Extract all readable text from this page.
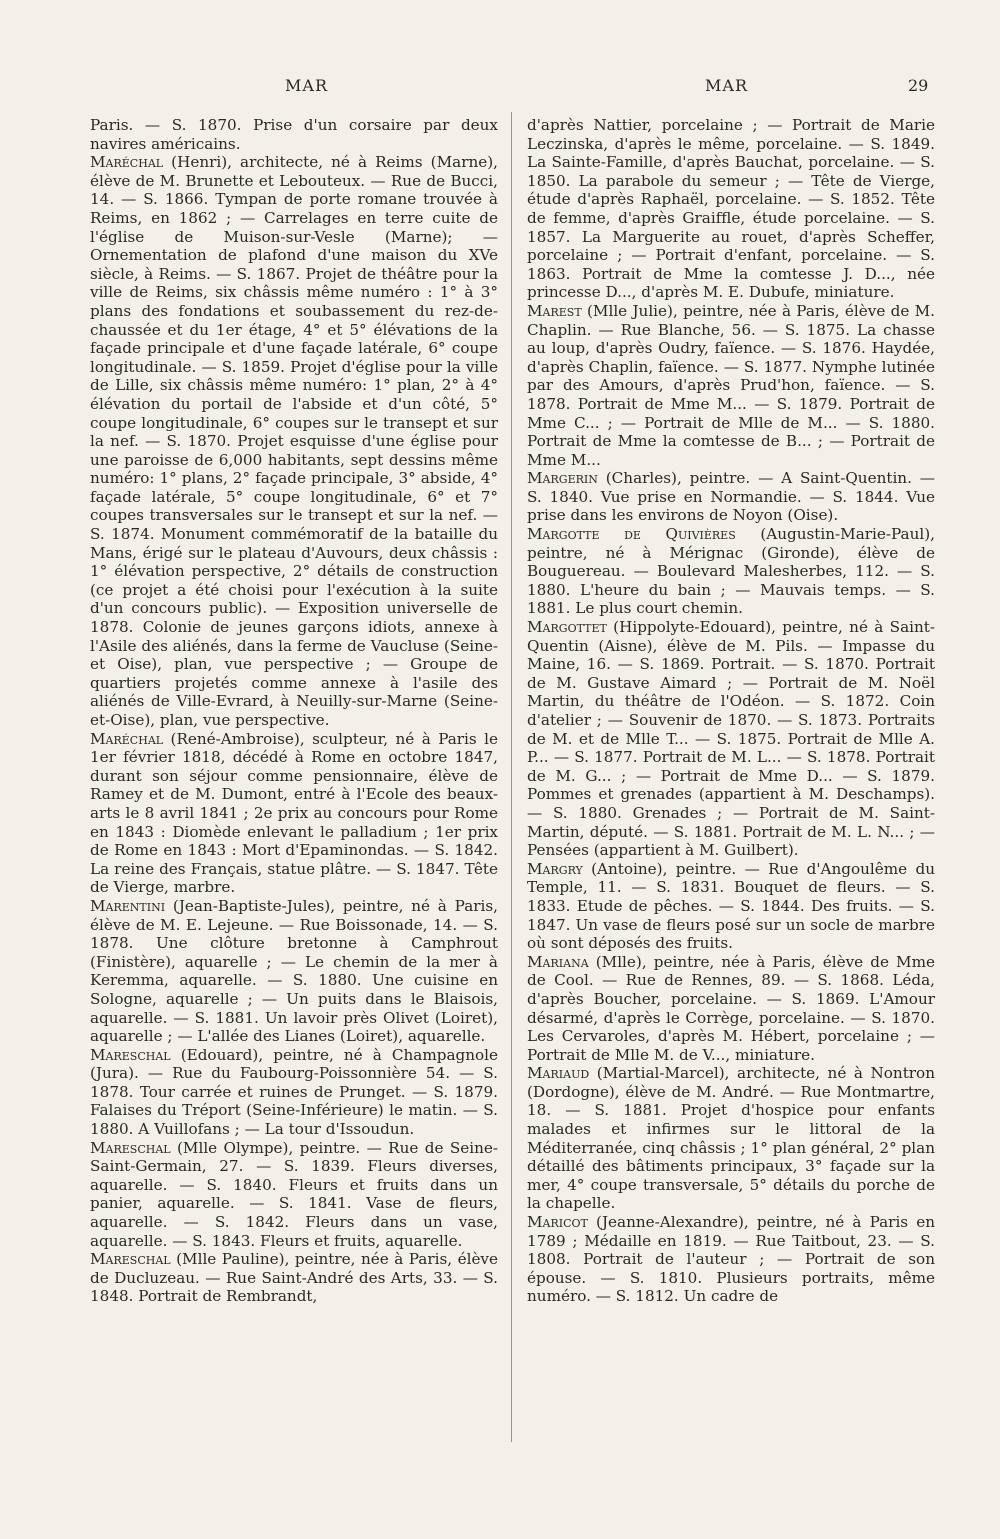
MAR	MAR	29

Paris. — S. 1870. Prise d'un corsaire par deux navires américains.

Maréchal (Henri), architecte, né à Reims (Marne), élève de M. Brunette et Lebouteux. — Rue de Bucci, 14. — S. 1866. Tympan de porte romane trouvée à Reims, en 1862 ; — Carrelages en terre cuite de l'église de Muison-sur-Vesle (Marne); — Ornementation de plafond d'une maison du XVe siècle, à Reims. — S. 1867. Projet de théâtre pour la ville de Reims, six châssis même numéro : 1° à 3° plans des fondations et soubassement du rez-de-chaussée et du 1er étage, 4° et 5° élévations de la façade principale et d'une façade latérale, 6° coupe longitudinale. — S. 1859. Projet d'église pour la ville de Lille, six châssis même numéro: 1° plan, 2° à 4° élévation du portail de l'abside et d'un côté, 5° coupe longitudinale, 6° coupes sur le transept et sur la nef. — S. 1870. Projet esquisse d'une église pour une paroisse de 6,000 habitants, sept dessins même numéro: 1° plans, 2° façade principale, 3° abside, 4° façade latérale, 5° coupe longitudinale, 6° et 7° coupes transversales sur le transept et sur la nef. — S. 1874. Monument commémoratif de la bataille du Mans, érigé sur le plateau d'Auvours, deux châssis : 1° élévation perspective, 2° détails de construction (ce projet a été choisi pour l'exécution à la suite d'un concours public). — Exposition universelle de 1878. Colonie de jeunes garçons idiots, annexe à l'Asile des aliénés, dans la ferme de Vaucluse (Seine-et Oise), plan, vue perspective ; — Groupe de quartiers projetés comme annexe à l'asile des aliénés de Ville-Evrard, à Neuilly-sur-Marne (Seine-et-Oise), plan, vue perspective.

Maréchal (René-Ambroise), sculpteur, né à Paris le 1er février 1818, décédé à Rome en octobre 1847, durant son séjour comme pensionnaire, élève de Ramey et de M. Dumont, entré à l'Ecole des beaux-arts le 8 avril 1841 ; 2e prix au concours pour Rome en 1843 : Diomède enlevant le palladium ; 1er prix de Rome en 1843 : Mort d'Epaminondas. — S. 1842. La reine des Français, statue plâtre. — S. 1847. Tête de Vierge, marbre.

Marentini (Jean-Baptiste-Jules), peintre, né à Paris, élève de M. E. Lejeune. — Rue Boissonade, 14. — S. 1878. Une clôture bretonne à Camphrout (Finistère), aquarelle ; — Le chemin de la mer à Keremma, aquarelle. — S. 1880. Une cuisine en Sologne, aquarelle ; — Un puits dans le Blaisois, aquarelle. — S. 1881. Un lavoir près Olivet (Loiret), aquarelle ; — L'allée des Lianes (Loiret), aquarelle.

Mareschal (Edouard), peintre, né à Champagnole (Jura). — Rue du Faubourg-Poissonnière 54. — S. 1878. Tour carrée et ruines de Prunget. — S. 1879. Falaises du Tréport (Seine-Inférieure) le matin. — S. 1880. A Vuillofans ; — La tour d'Issoudun.

Mareschal (Mlle Olympe), peintre. — Rue de Seine-Saint-Germain, 27. — S. 1839. Fleurs diverses, aquarelle. — S. 1840. Fleurs et fruits dans un panier, aquarelle. — S. 1841. Vase de fleurs, aquarelle. — S. 1842. Fleurs dans un vase, aquarelle. — S. 1843. Fleurs et fruits, aquarelle.

Mareschal (Mlle Pauline), peintre, née à Paris, élève de Ducluzeau. — Rue Saint-André des Arts, 33. — S. 1848. Portrait de Rembrandt,

d'après Nattier, porcelaine ; — Portrait de Marie Leczinska, d'après le même, porcelaine. — S. 1849. La Sainte-Famille, d'après Bauchat, porcelaine. — S. 1850. La parabole du semeur ; — Tête de Vierge, étude d'après Raphaël, porcelaine. — S. 1852. Tête de femme, d'après Graiffle, étude porcelaine. — S. 1857. La Marguerite au rouet, d'après Scheffer, porcelaine ; — Portrait d'enfant, porcelaine. — S. 1863. Portrait de Mme la comtesse J. D..., née princesse D..., d'après M. E. Dubufe, miniature.

Marest (Mlle Julie), peintre, née à Paris, élève de M. Chaplin. — Rue Blanche, 56. — S. 1875. La chasse au loup, d'après Oudry, faïence. — S. 1876. Haydée, d'après Chaplin, faïence. — S. 1877. Nymphe lutinée par des Amours, d'après Prud'hon, faïence. — S. 1878. Portrait de Mme M... — S. 1879. Portrait de Mme C... ; — Portrait de Mlle de M... — S. 1880. Portrait de Mme la comtesse de B... ; — Portrait de Mme M...

Margerin (Charles), peintre. — A Saint-Quentin. — S. 1840. Vue prise en Normandie. — S. 1844. Vue prise dans les environs de Noyon (Oise).

Margotte de Quivières (Augustin-Marie-Paul), peintre, né à Mérignac (Gironde), élève de Bouguereau. — Boulevard Malesherbes, 112. — S. 1880. L'heure du bain ; — Mauvais temps. — S. 1881. Le plus court chemin.

Margottet (Hippolyte-Edouard), peintre, né à Saint-Quentin (Aisne), élève de M. Pils. — Impasse du Maine, 16. — S. 1869. Portrait. — S. 1870. Portrait de M. Gustave Aimard ; — Portrait de M. Noël Martin, du théâtre de l'Odéon. — S. 1872. Coin d'atelier ; — Souvenir de 1870. — S. 1873. Portraits de M. et de Mlle T... — S. 1875. Portrait de Mlle A. P... — S. 1877. Portrait de M. L... — S. 1878. Portrait de M. G... ; — Portrait de Mme D... — S. 1879. Pommes et grenades (appartient à M. Deschamps). — S. 1880. Grenades ; — Portrait de M. Saint-Martin, député. — S. 1881. Portrait de M. L. N... ; — Pensées (appartient à M. Guilbert).

Margry (Antoine), peintre. — Rue d'Angoulême du Temple, 11. — S. 1831. Bouquet de fleurs. — S. 1833. Etude de pêches. — S. 1844. Des fruits. — S. 1847. Un vase de fleurs posé sur un socle de marbre où sont déposés des fruits.

Mariana (Mlle), peintre, née à Paris, élève de Mme de Cool. — Rue de Rennes, 89. — S. 1868. Léda, d'après Boucher, porcelaine. — S. 1869. L'Amour désarmé, d'après le Corrège, porcelaine. — S. 1870. Les Cervaroles, d'après M. Hébert, porcelaine ; — Portrait de Mlle M. de V..., miniature.

Mariaud (Martial-Marcel), architecte, né à Nontron (Dordogne), élève de M. André. — Rue Montmartre, 18. — S. 1881. Projet d'hospice pour enfants malades et infirmes sur le littoral de la Méditerranée, cinq châssis ; 1° plan général, 2° plan détaillé des bâtiments principaux, 3° façade sur la mer, 4° coupe transversale, 5° détails du porche de la chapelle.

Maricot (Jeanne-Alexandre), peintre, né à Paris en 1789 ; Médaille en 1819. — Rue Taitbout, 23. — S. 1808. Portrait de l'auteur ; — Portrait de son épouse. — S. 1810. Plusieurs portraits, même numéro. — S. 1812. Un cadre de
